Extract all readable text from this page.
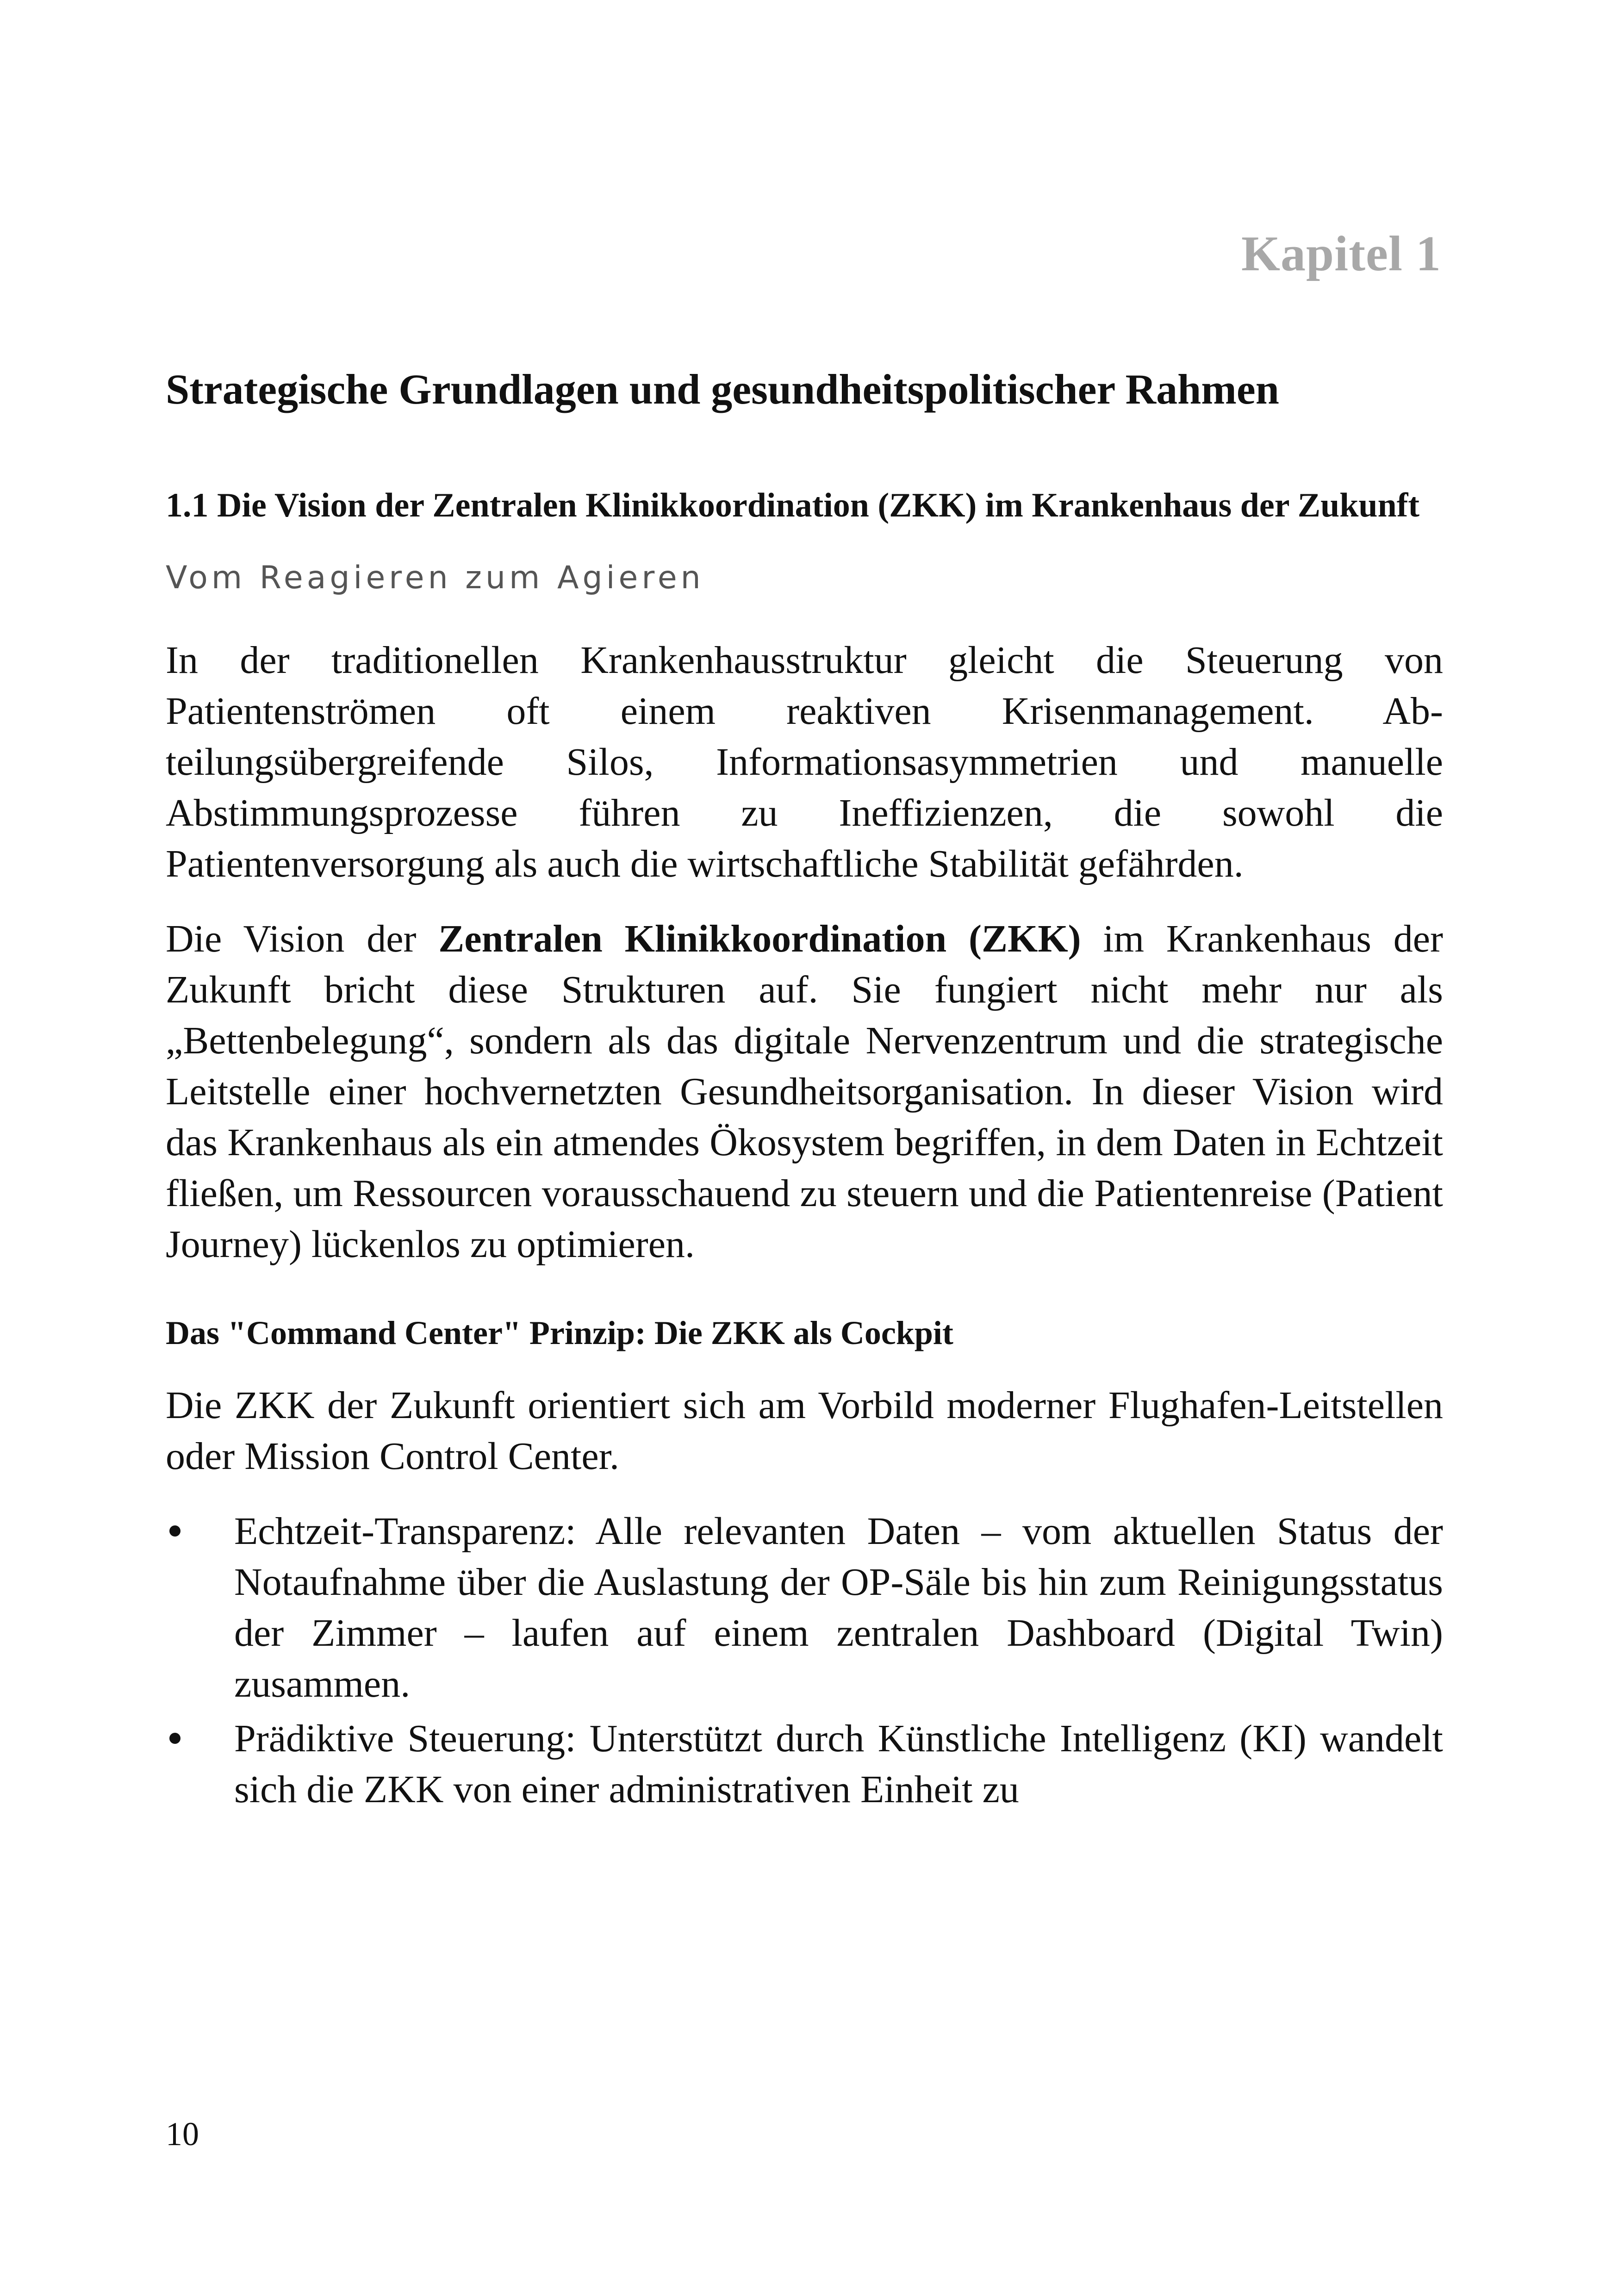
Kapitel 1
Strategische Grundlagen und gesundheitspolitischer Rahmen
1.1 Die Vision der Zentralen Klinikkoordination (ZKK) im Krankenhaus der Zukunft
Vom Reagieren zum Agieren

In der traditionellen Krankenhausstruktur gleicht die Steuerung von Patientenströmen oft einem reaktiven Krisenmanagement. Abteilungsübergreifende Silos, Informationsasymmetrien und manuelle Abstimmungsprozesse führen zu Ineffizienzen, die sowohl die Patientenversorgung als auch die wirtschaftliche Stabilität gefährden.

Die Vision der Zentralen Klinikkoordination (ZKK) im Krankenhaus der Zukunft bricht diese Strukturen auf. Sie fungiert nicht mehr nur als „Bettenbelegung“, sondern als das digitale Nervenzentrum und die strategische Leitstelle einer hochvernetzten Gesundheitsorganisation. In dieser Vision wird das Krankenhaus als ein atmendes Ökosystem begriffen, in dem Daten in Echtzeit fließen, um Ressourcen vorausschauend zu steuern und die Patientenreise (Patient Journey) lückenlos zu optimieren.

Das "Command Center" Prinzip: Die ZKK als Cockpit

Die ZKK der Zukunft orientiert sich am Vorbild moderner Flughafen-Leitstellen oder Mission Control Center.

Echtzeit-Transparenz: Alle relevanten Daten – vom aktuellen Status der Notaufnahme über die Auslastung der OP-Säle bis hin zum Reinigungsstatus der Zimmer – laufen auf einem zentralen Dashboard (Digital Twin) zusammen.
Prädiktive Steuerung: Unterstützt durch Künstliche Intelligenz (KI) wandelt sich die ZKK von einer administrativen Einheit zu
10
